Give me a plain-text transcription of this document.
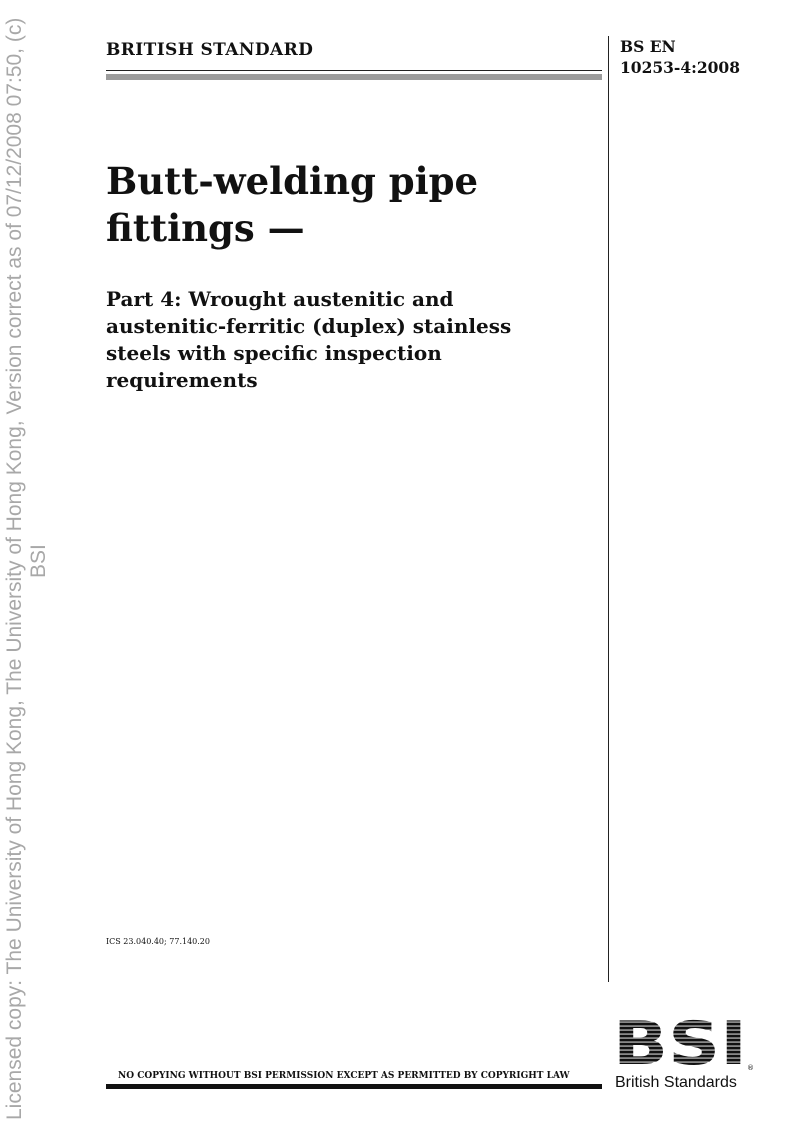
Licensed copy: The University of Hong Kong, The University of Hong Kong, Version correct as of 07/12/2008 07:50, (c) BSI
BRITISH STANDARD	BS EN
10253-4:2008
Butt-welding pipe
fittings —
Part 4: Wrought austenitic and
austenitic-ferritic (duplex) stainless
steels with specific inspection
requirements
ICS 23.040.40; 77.140.20
NO COPYING WITHOUT BSI PERMISSION EXCEPT AS PERMITTED BY COPYRIGHT LAW BSI ®
British Standards
